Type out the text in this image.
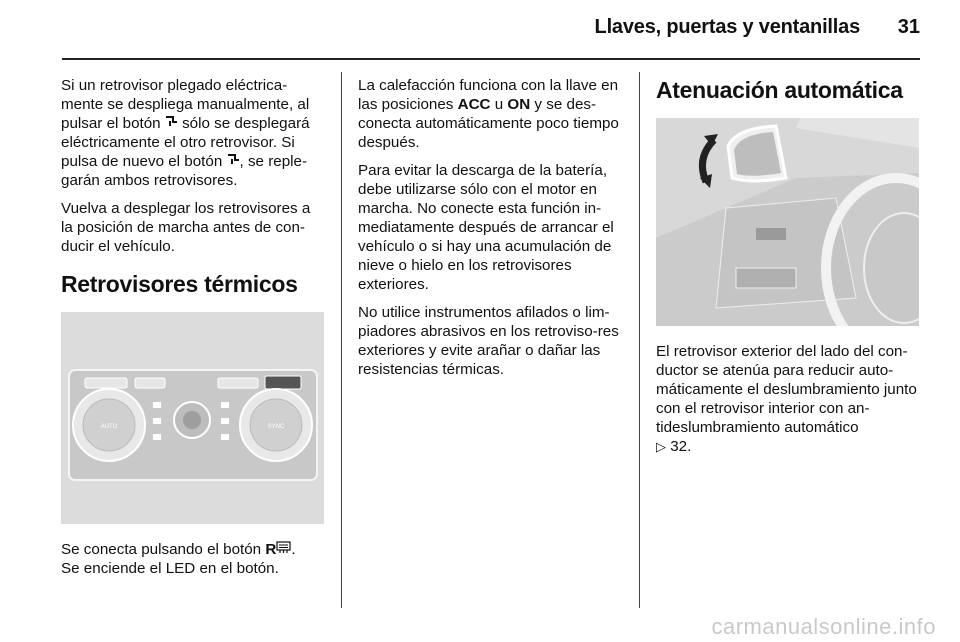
Llaves, puertas y ventanillas	31

Si un retrovisor plegado eléctrica-mente se despliega manualmente, al pulsar el botón  sólo se desplegará eléctricamente el otro retrovisor. Si pulsa de nuevo el botón , se reple-garán ambos retrovisores.

Vuelva a desplegar los retrovisores a la posición de marcha antes de con-ducir el vehículo.

Retrovisores térmicos
AUTO	SYNC

Se conecta pulsando el botón R .
Se enciende el LED en el botón.

La calefacción funciona con la llave en las posiciones ACC u ON y se des-conecta automáticamente poco tiempo después.

Para evitar la descarga de la batería, debe utilizarse sólo con el motor en marcha. No conecte esta función in-mediatamente después de arrancar el vehículo o si hay una acumulación de nieve o hielo en los retrovisores exteriores.

No utilice instrumentos afilados o lim-piadores abrasivos en los retroviso-res exteriores y evite arañar o dañar las resistencias térmicas.

Atenuación automática

El retrovisor exterior del lado del con-ductor se atenúa para reducir auto-máticamente el deslumbramiento junto con el retrovisor interior con an-tideslumbramiento automático
▷ 32.

carmanualsonline.info
